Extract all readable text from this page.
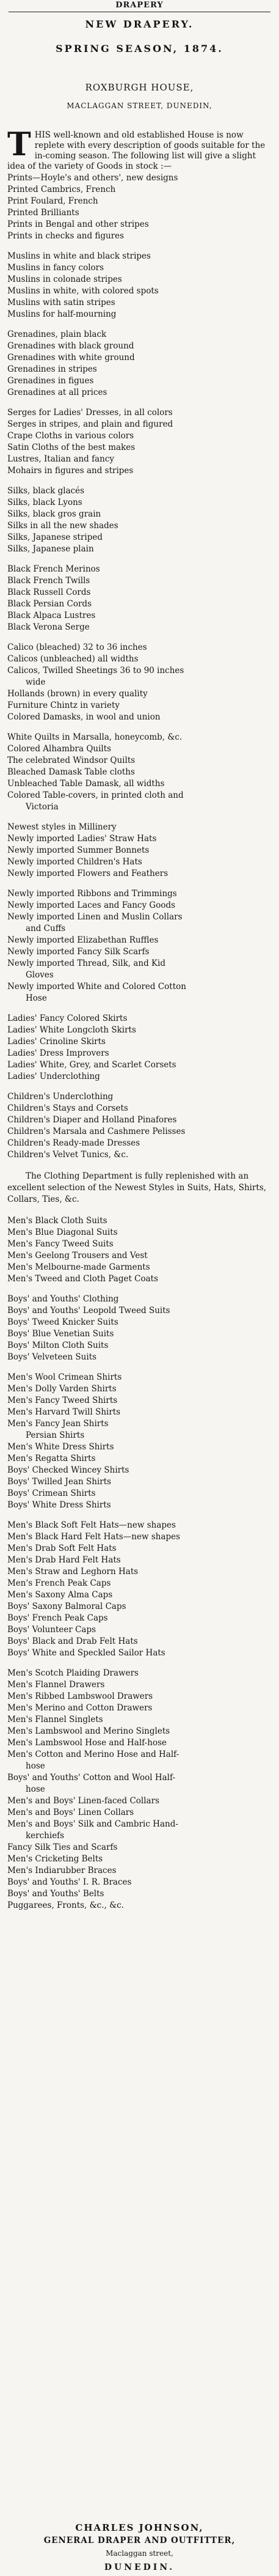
DRAPERY
NEW DRAPERY.
SPRING SEASON, 1874.
ROXBURGH HOUSE,
MACLAGGAN STREET, DUNEDIN,
T HIS well-known and old established House is now replete with every description of goods suitable for the in-coming season. The following list will give a slight idea of the variety of Goods in stock :—
Prints—Hoyle's and others', new designs
Printed Cambrics, French
Print Foulard, French
Printed Brilliants
Prints in Bengal and other stripes
Prints in checks and figures
Muslins in white and black stripes
Muslins in fancy colors
Muslins in colonade stripes
Muslins in white, with colored spots
Muslins with satin stripes
Muslins for half-mourning
Grenadines, plain black
Grenadines with black ground
Grenadines with white ground
Grenadines in stripes
Grenadines in figues
Grenadines at all prices
Serges for Ladies' Dresses, in all colors
Serges in stripes, and plain and figured
Crape Cloths in various colors
Satin Cloths of the best makes
Lustres, Italian and fancy
Mohairs in figures and stripes
Silks, black glacés
Silks, black Lyons
Silks, black gros grain
Silks in all the new shades
Silks, Japanese striped
Silks, Japanese plain
Black French Merinos
Black French Twills
Black Russell Cords
Black Persian Cords
Black Alpaca Lustres
Black Verona Serge
Calico (bleached) 32 to 36 inches
Calicos (unbleached) all widths
Calicos, Twilled Sheetings 36 to 90 inches
wide
Hollands (brown) in every quality
Furniture Chintz in variety
Colored Damasks, in wool and union
White Quilts in Marsalla, honeycomb, &c.
Colored Alhambra Quilts
The celebrated Windsor Quilts
Bleached Damask Table cloths
Unbleached Table Damask, all widths
Colored Table-covers, in printed cloth and
Victoria
Newest styles in Millinery
Newly imported Ladies' Straw Hats
Newly imported Summer Bonnets
Newly imported Children's Hats
Newly imported Flowers and Feathers
Newly imported Ribbons and Trimmings
Newly imported Laces and Fancy Goods
Newly imported Linen and Muslin Collars
and Cuffs
Newly imported Elizabethan Ruffles
Newly imported Fancy Silk Scarfs
Newly imported Thread, Silk, and Kid
Gloves
Newly imported White and Colored Cotton
Hose
Ladies' Fancy Colored Skirts
Ladies' White Longcloth Skirts
Ladies' Crinoline Skirts
Ladies' Dress Improvers
Ladies' White, Grey, and Scarlet Corsets
Ladies' Underclothing
Children's Underclothing
Children's Stays and Corsets
Children's Diaper and Holland Pinafores
Children's Marsala and Cashmere Pelisses
Children's Ready-made Dresses
Children's Velvet Tunics, &c.
The Clothing Department is fully replenished with an excellent selection of the Newest Styles in Suits, Hats, Shirts, Collars, Ties, &c.
Men's Black Cloth Suits
Men's Blue Diagonal Suits
Men's Fancy Tweed Suits
Men's Geelong Trousers and Vest
Men's Melbourne-made Garments
Men's Tweed and Cloth Paget Coats
Boys' and Youths' Clothing
Boys' and Youths' Leopold Tweed Suits
Boys' Tweed Knicker Suits
Boys' Blue Venetian Suits
Boys' Milton Cloth Suits
Boys' Velveteen Suits
Men's Wool Crimean Shirts
Men's Dolly Varden Shirts
Men's Fancy Tweed Shirts
Men's Harvard Twill Shirts
Men's Fancy Jean Shirts
Persian Shirts
Men's White Dress Shirts
Men's Regatta Shirts
Boys' Checked Wincey Shirts
Boys' Twilled Jean Shirts
Boys' Crimean Shirts
Boys' White Dress Shirts
Men's Black Soft Felt Hats—new shapes
Men's Black Hard Felt Hats—new shapes
Men's Drab Soft Felt Hats
Men's Drab Hard Felt Hats
Men's Straw and Leghorn Hats
Men's French Peak Caps
Men's Saxony Alma Caps
Boys' Saxony Balmoral Caps
Boys' French Peak Caps
Boys' Volunteer Caps
Boys' Black and Drab Felt Hats
Boys' White and Speckled Sailor Hats
Men's Scotch Plaiding Drawers
Men's Flannel Drawers
Men's Ribbed Lambswool Drawers
Men's Merino and Cotton Drawers
Men's Flannel Singlets
Men's Lambswool and Merino Singlets
Men's Lambswool Hose and Half-hose
Men's Cotton and Merino Hose and Half-
hose
Boys' and Youths' Cotton and Wool Half-
hose
Men's and Boys' Linen-faced Collars
Men's and Boys' Linen Collars
Men's and Boys' Silk and Cambric Hand-
kerchiefs
Fancy Silk Ties and Scarfs
Men's Cricketing Belts
Men's Indiarubber Braces
Boys' and Youths' I. R. Braces
Boys' and Youths' Belts
Puggarees, Fronts, &c., &c.
CHARLES JOHNSON,
GENERAL DRAPER AND OUTFITTER,
Maclaggan street,
DUNEDIN.
